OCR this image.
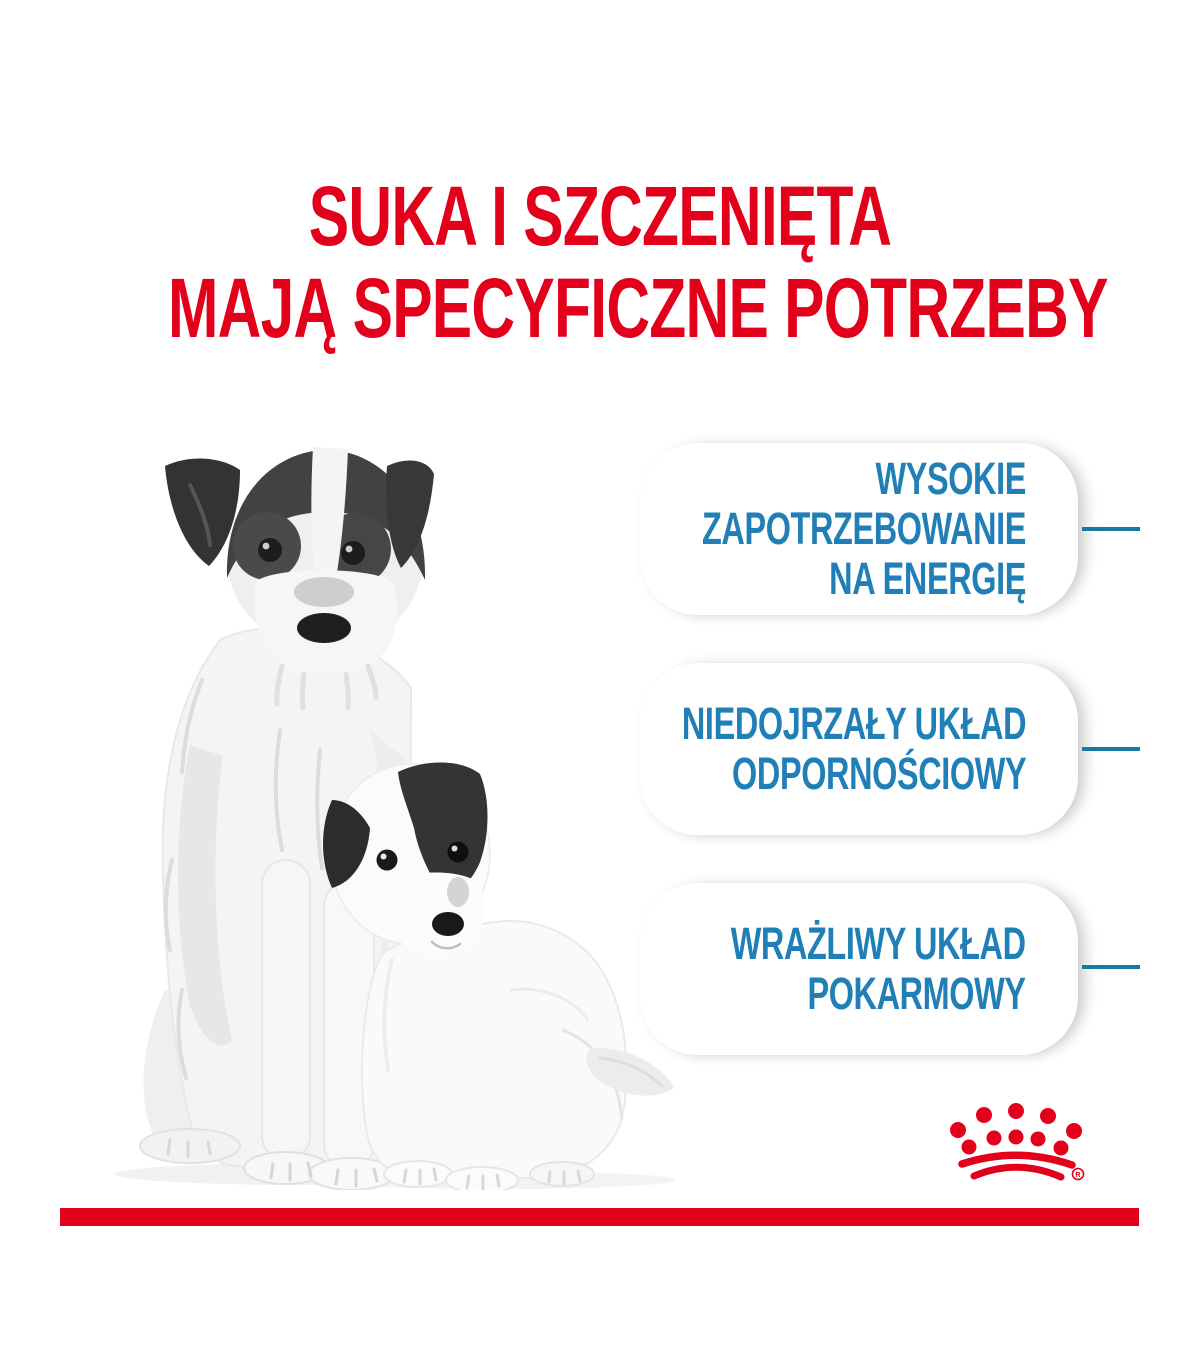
SUKA I SZCZENIĘTA
MAJĄ SPECYFICZNE POTRZEBY
WYSOKIE
ZAPOTRZEBOWANIE
NA ENERGIĘ
NIEDOJRZAŁY UKŁAD
ODPORNOŚCIOWY
WRAŻLIWY UKŁAD
POKARMOWY
R
